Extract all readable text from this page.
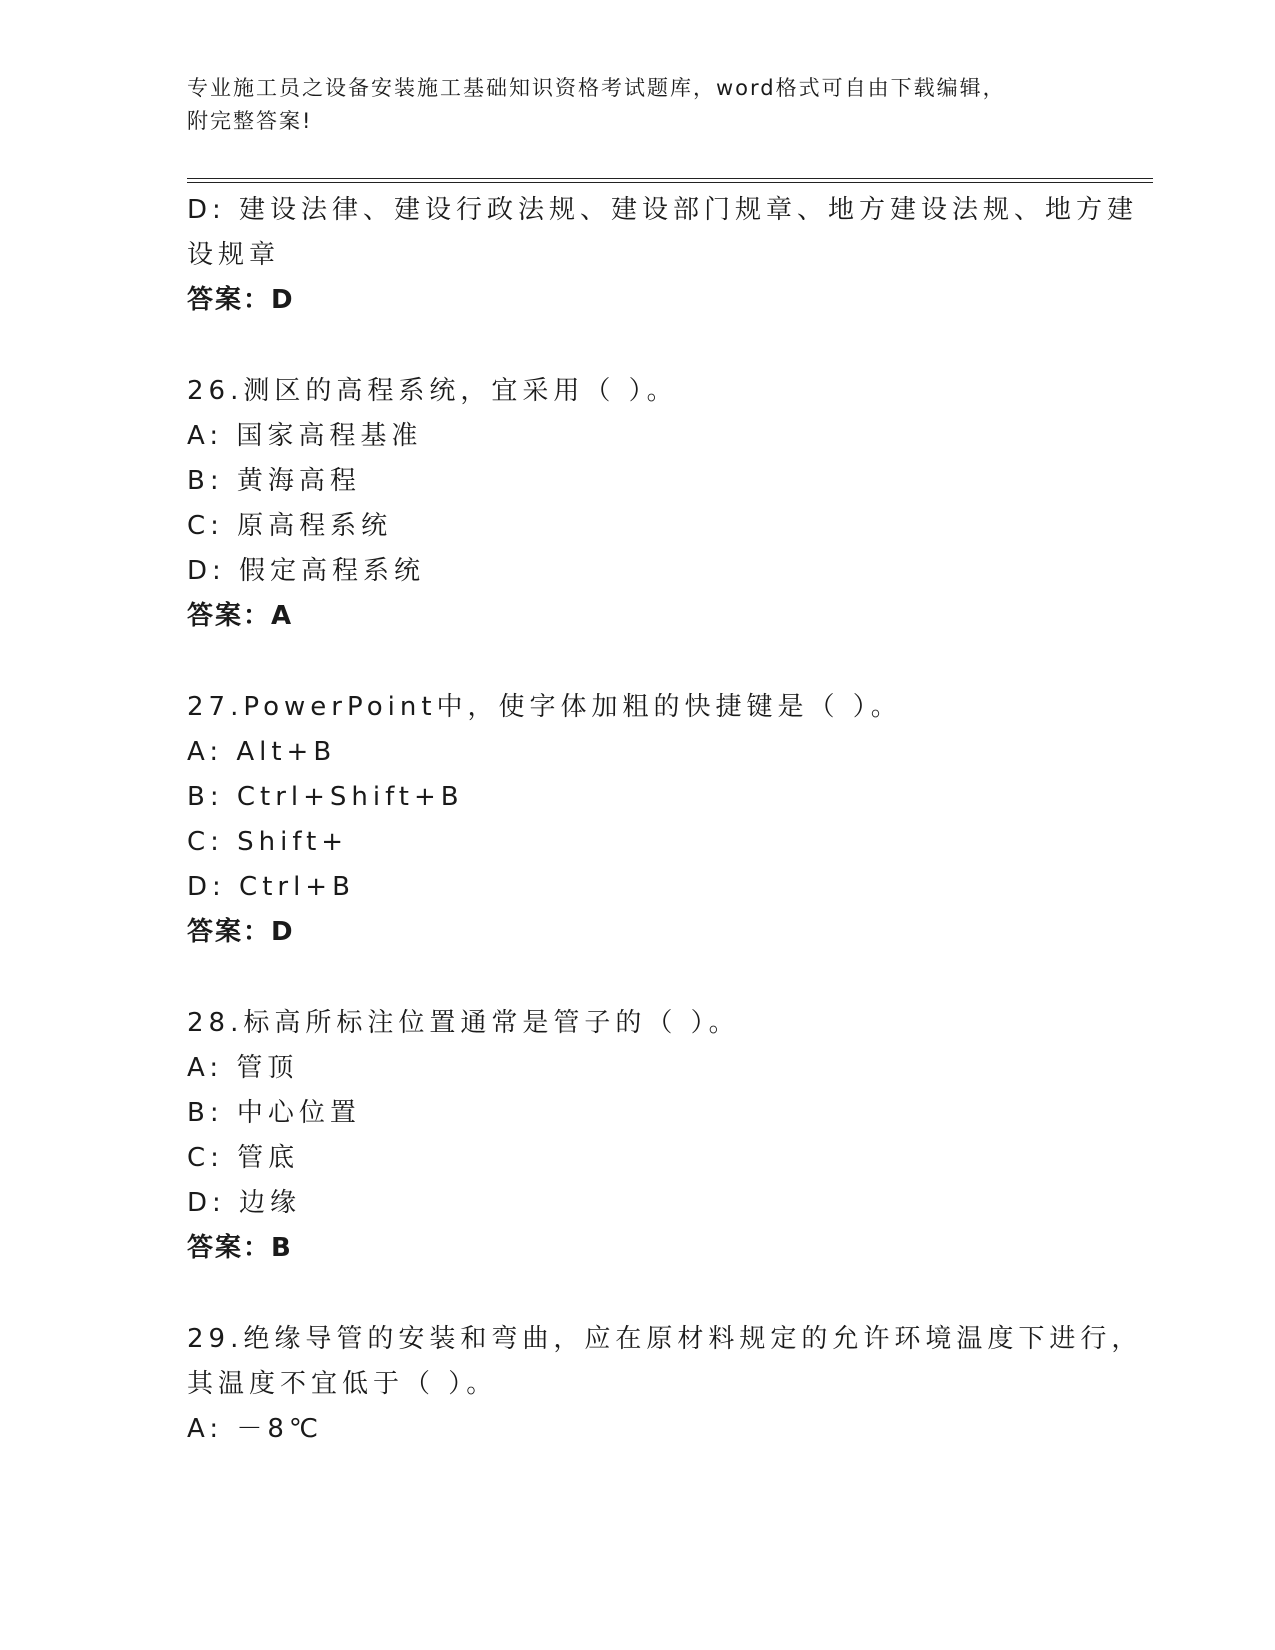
专业施工员之设备安装施工基础知识资格考试题库，word格式可自由下载编辑，
附完整答案!

D: 建设法律、建设行政法规、建设部门规章、地方建设法规、地方建

设规章

答案：D

26.测区的高程系统，宜采用（ ）。

A: 国家高程基准

B: 黄海高程

C: 原高程系统

D: 假定高程系统

答案：A

27.PowerPoint中，使字体加粗的快捷键是（ ）。

A: Alt+B

B: Ctrl+Shift+B

C: Shift+

D: Ctrl+B

答案：D

28.标高所标注位置通常是管子的（ ）。

A: 管顶

B: 中心位置

C: 管底

D: 边缘

答案：B

29.绝缘导管的安装和弯曲，应在原材料规定的允许环境温度下进行，

其温度不宜低于（ ）。

A: －8℃
